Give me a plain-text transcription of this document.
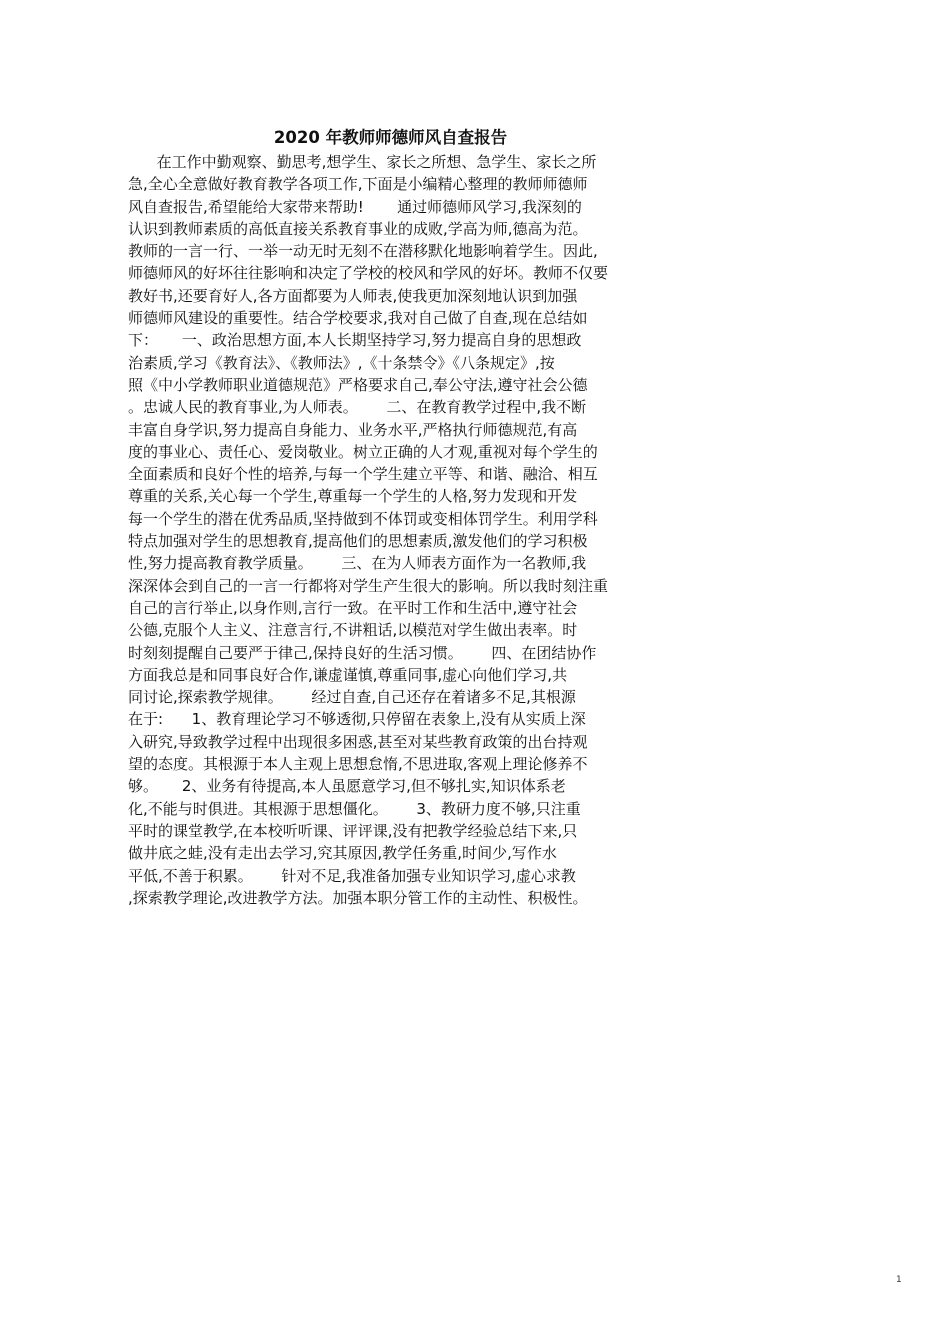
2020 年教师师德师风自查报告
在工作中勤观察、勤思考,想学生、家长之所想、急学生、家长之所
急,全心全意做好教育教学各项工作,下面是小编精心整理的教师师德师
风自查报告,希望能给大家带来帮助!       通过师德师风学习,我深刻的
认识到教师素质的高低直接关系教育事业的成败,学高为师,德高为范。
教师的一言一行、一举一动无时无刻不在潜移默化地影响着学生。因此,
师德师风的好坏往往影响和决定了学校的校风和学风的好坏。教师不仅要
教好书,还要育好人,各方面都要为人师表,使我更加深刻地认识到加强
师德师风建设的重要性。结合学校要求,我对自己做了自查,现在总结如
下：     一、政治思想方面,本人长期坚持学习,努力提高自身的思想政
治素质,学习《教育法》、《教师法》,《十条禁令》《八条规定》,按
照《中小学教师职业道德规范》严格要求自己,奉公守法,遵守社会公德
。忠诚人民的教育事业,为人师表。      二、在教育教学过程中,我不断
丰富自身学识,努力提高自身能力、业务水平,严格执行师德规范,有高
度的事业心、责任心、爱岗敬业。树立正确的人才观,重视对每个学生的
全面素质和良好个性的培养,与每一个学生建立平等、和谐、融洽、相互
尊重的关系,关心每一个学生,尊重每一个学生的人格,努力发现和开发
每一个学生的潜在优秀品质,坚持做到不体罚或变相体罚学生。利用学科
特点加强对学生的思想教育,提高他们的思想素质,激发他们的学习积极
性,努力提高教育教学质量。      三、在为人师表方面作为一名教师,我
深深体会到自己的一言一行都将对学生产生很大的影响。所以我时刻注重
自己的言行举止,以身作则,言行一致。在平时工作和生活中,遵守社会
公德,克服个人主义、注意言行,不讲粗话,以模范对学生做出表率。时
时刻刻提醒自己要严于律己,保持良好的生活习惯。      四、在团结协作
方面我总是和同事良好合作,谦虚谨慎,尊重同事,虚心向他们学习,共
同讨论,探索教学规律。      经过自查,自己还存在着诸多不足,其根源
在于:      1、教育理论学习不够透彻,只停留在表象上,没有从实质上深
入研究,导致教学过程中出现很多困惑,甚至对某些教育政策的出台持观
望的态度。其根源于本人主观上思想怠惰,不思进取,客观上理论修养不
够。     2、业务有待提高,本人虽愿意学习,但不够扎实,知识体系老
化,不能与时俱进。其根源于思想僵化。      3、教研力度不够,只注重
平时的课堂教学,在本校听听课、评评课,没有把教学经验总结下来,只
做井底之蛙,没有走出去学习,究其原因,教学任务重,时间少,写作水
平低,不善于积累。      针对不足,我准备加强专业知识学习,虚心求教
,探索教学理论,改进教学方法。加强本职分管工作的主动性、积极性。
1
